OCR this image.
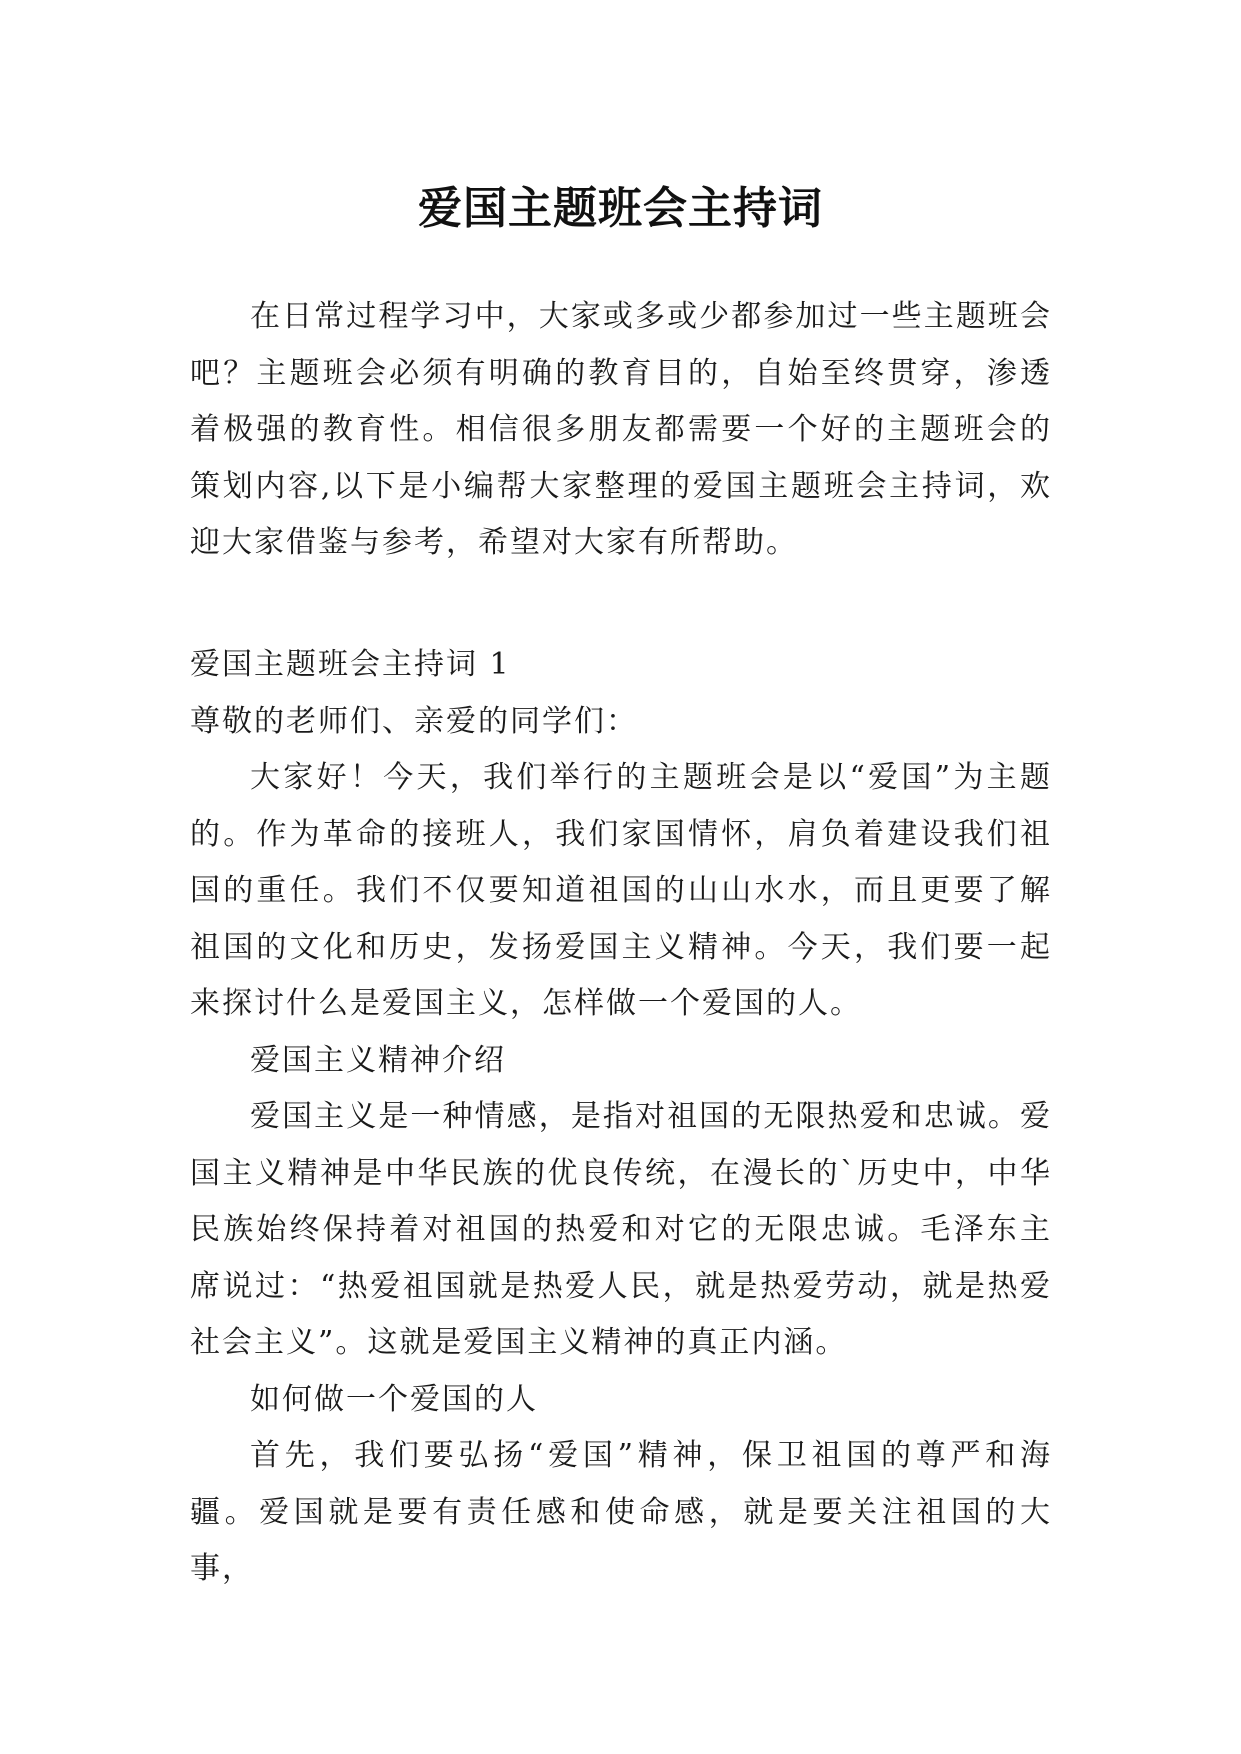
爱国主题班会主持词

在日常过程学习中，大家或多或少都参加过一些主题班会吧？主题班会必须有明确的教育目的，自始至终贯穿，渗透着极强的教育性。相信很多朋友都需要一个好的主题班会的策划内容,以下是小编帮大家整理的爱国主题班会主持词，欢迎大家借鉴与参考，希望对大家有所帮助。

爱国主题班会主持词 1

尊敬的老师们、亲爱的同学们：

大家好！今天，我们举行的主题班会是以“爱国”为主题的。作为革命的接班人，我们家国情怀，肩负着建设我们祖国的重任。我们不仅要知道祖国的山山水水，而且更要了解祖国的文化和历史，发扬爱国主义精神。今天，我们要一起来探讨什么是爱国主义，怎样做一个爱国的人。

爱国主义精神介绍

爱国主义是一种情感，是指对祖国的无限热爱和忠诚。爱国主义精神是中华民族的优良传统，在漫长的`历史中，中华民族始终保持着对祖国的热爱和对它的无限忠诚。毛泽东主席说过：“热爱祖国就是热爱人民，就是热爱劳动，就是热爱社会主义”。这就是爱国主义精神的真正内涵。

如何做一个爱国的人

首先，我们要弘扬“爱国”精神，保卫祖国的尊严和海疆。爱国就是要有责任感和使命感，就是要关注祖国的大事，
